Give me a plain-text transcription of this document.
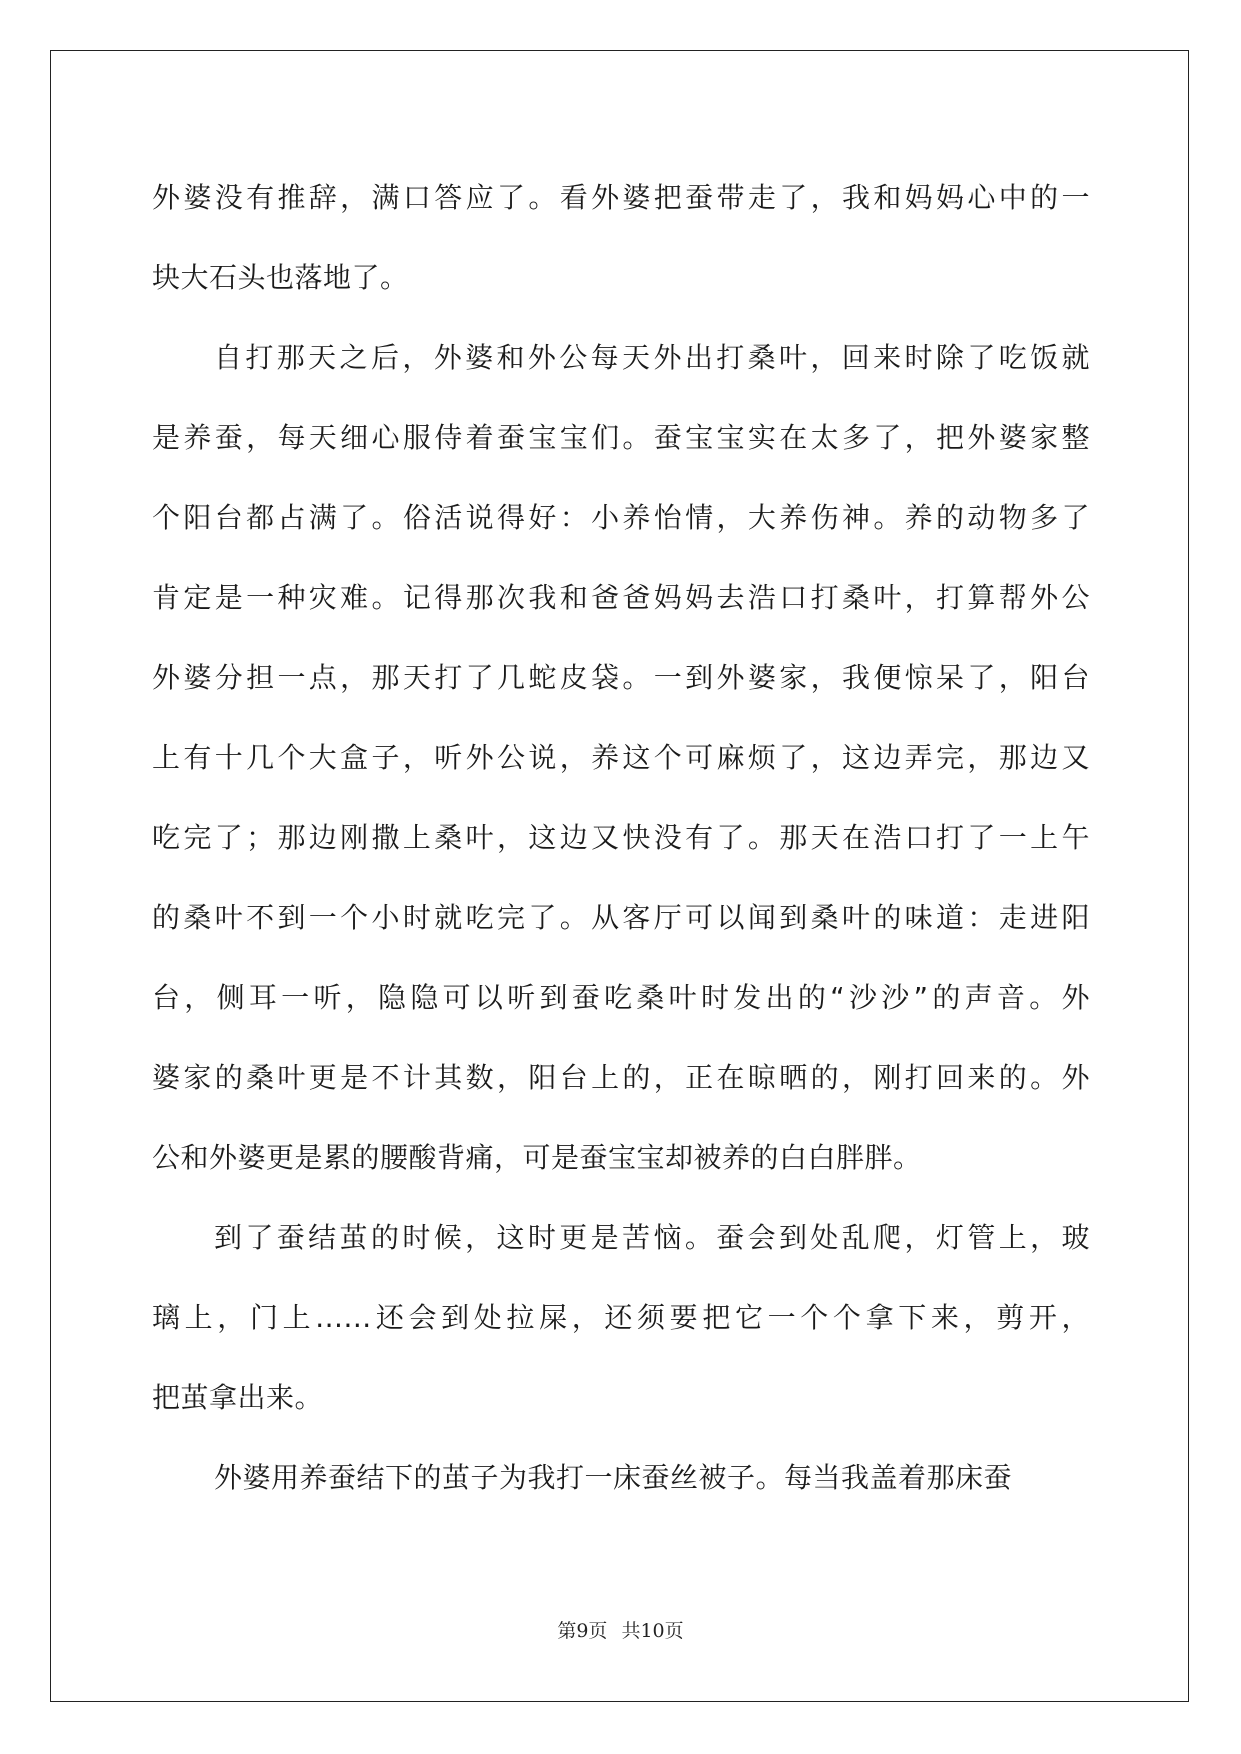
外婆没有推辞，满口答应了。看外婆把蚕带走了，我和妈妈心中的一
块大石头也落地了。
自打那天之后，外婆和外公每天外出打桑叶，回来时除了吃饭就
是养蚕，每天细心服侍着蚕宝宝们。蚕宝宝实在太多了，把外婆家整
个阳台都占满了。俗活说得好：小养怡情，大养伤神。养的动物多了
肯定是一种灾难。记得那次我和爸爸妈妈去浩口打桑叶，打算帮外公
外婆分担一点，那天打了几蛇皮袋。一到外婆家，我便惊呆了，阳台
上有十几个大盒子，听外公说，养这个可麻烦了，这边弄完，那边又
吃完了；那边刚撒上桑叶，这边又快没有了。那天在浩口打了一上午
的桑叶不到一个小时就吃完了。从客厅可以闻到桑叶的味道：走进阳
台，侧耳一听，隐隐可以听到蚕吃桑叶时发出的“沙沙”的声音。外
婆家的桑叶更是不计其数，阳台上的，正在晾晒的，刚打回来的。外
公和外婆更是累的腰酸背痛，可是蚕宝宝却被养的白白胖胖。
到了蚕结茧的时候，这时更是苦恼。蚕会到处乱爬，灯管上，玻
璃上，门上......还会到处拉屎，还须要把它一个个拿下来，剪开，
把茧拿出来。
外婆用养蚕结下的茧子为我打一床蚕丝被子。每当我盖着那床蚕
第9页 共10页
